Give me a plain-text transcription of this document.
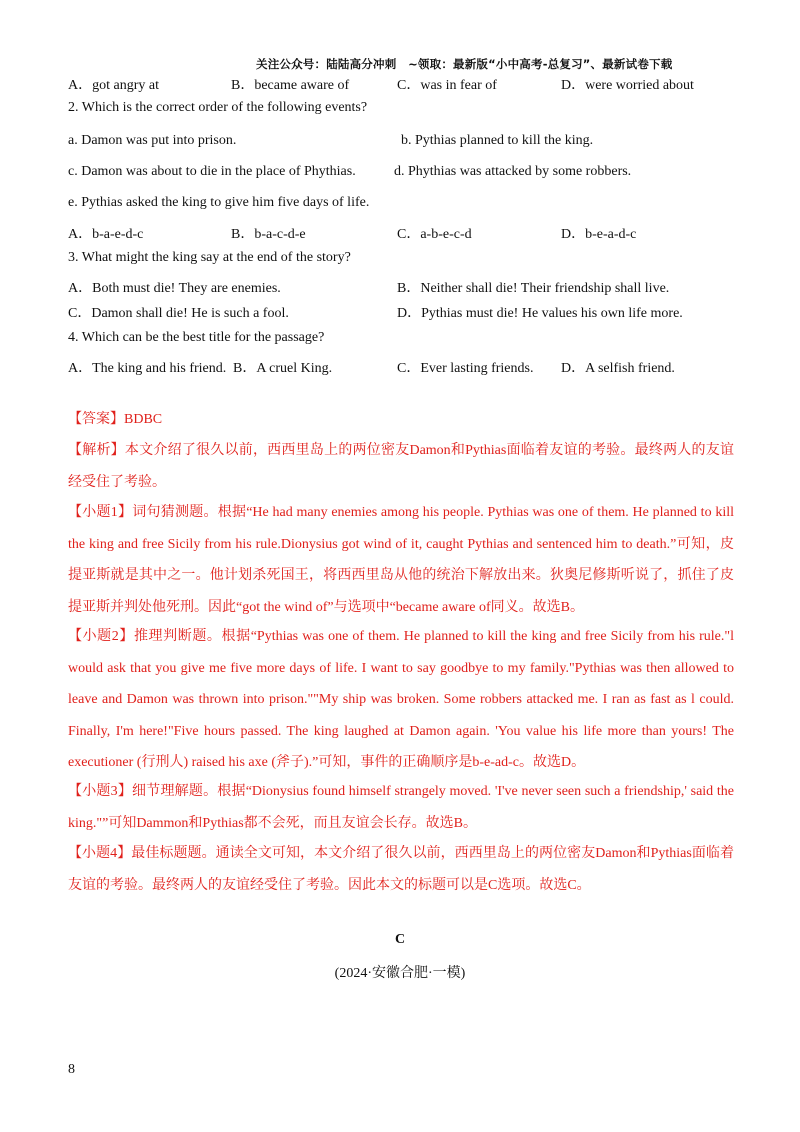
关注公众号：陆陆高分冲刺　~领取：最新版“小中高考-总复习”、最新试卷下载
A．got angry at	B．became aware of	C．was in fear of	D．were worried about
2. Which is the correct order of the following events?
a. Damon was put into prison.	b. Pythias planned to kill the king.
c. Damon was about to die in the place of Phythias.	d. Phythias was attacked by some robbers.
e. Pythias asked the king to give him five days of life.
A．b-a-e-d-c	B．b-a-c-d-e	C．a-b-e-c-d	D．b-e-a-d-c
3. What might the king say at the end of the story?
A．Both must die! They are enemies.	B．Neither shall die! Their friendship shall live.
C．Damon shall die! He is such a fool.	D．Pythias must die! He values his own life more.
4. Which can be the best title for the passage?
A．The king and his friend. B．A cruel King.	C．Ever lasting friends. D．A selfish friend.
【答案】BDBC
【解析】本文介绍了很久以前，西西里岛上的两位密友Damon和Pythias面临着友谊的考验。最终两人的友谊经受住了考验。
【小题1】词句猜测题。根据“He had many enemies among his people. Pythias was one of them. He planned to kill the king and free Sicily from his rule.Dionysius got wind of it, caught Pythias and sentenced him to death.”可知，皮提亚斯就是其中之一。他计划杀死国王，将西西里岛从他的统治下解放出来。狄奥尼修斯听说了，抓住了皮提亚斯并判处他死刑。因此“got the wind of”与选项中“became aware of同义。故选B。
【小题2】推理判断题。根据“Pythias was one of them. He planned to kill the king and free Sicily from his rule."l would ask that you give me five more days of life. I want to say goodbye to my family."Pythias was then allowed to leave and Damon was thrown into prison.""My ship was broken. Some robbers attacked me. I ran as fast as l could. Finally, I'm here!"Five hours passed. The king laughed at Damon again. 'You value his life more than yours! The executioner (行刑人) raised his axe (斧子).”可知，事件的正确顺序是b-e-ad-c。故选D。
【小题3】细节理解题。根据“Dionysius found himself strangely moved. 'I've never seen such a friendship,' said the king."”可知Dammon和Pythias都不会死，而且友谊会长存。故选B。
【小题4】最佳标题题。通读全文可知，本文介绍了很久以前，西西里岛上的两位密友Damon和Pythias面临着友谊的考验。最终两人的友谊经受住了考验。因此本文的标题可以是C选项。故选C。
C
(2024·安徽合肥·一模)
8
